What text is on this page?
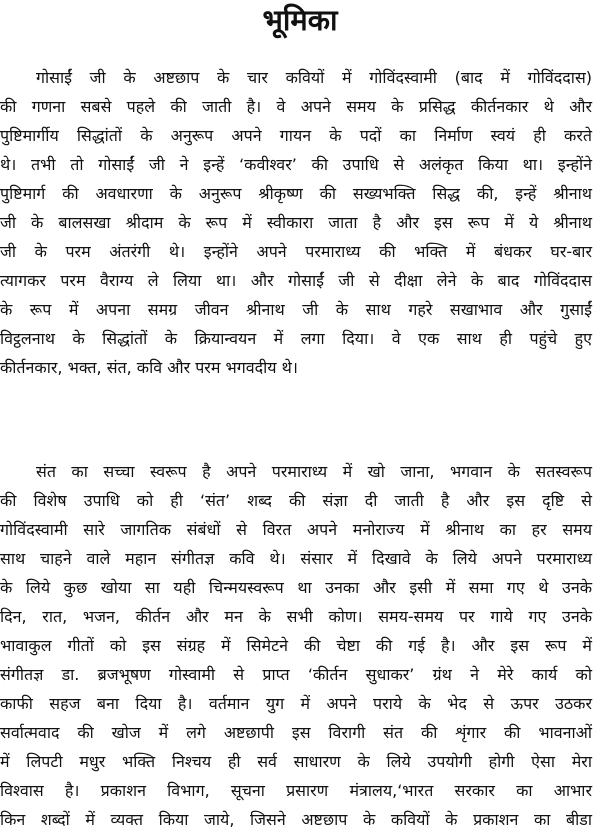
भूमिका
गोसाईं जी के अष्टछाप के चार कवियों में गोविंदस्वामी (बाद में गोविंददास)
की गणना सबसे पहले की जाती है। वे अपने समय के प्रसिद्ध कीर्तनकार थे और
पुष्टिमार्गीय सिद्धांतों के अनुरूप अपने गायन के पदों का निर्माण स्वयं ही करते
थे। तभी तो गोसाईं जी ने इन्हें ‘कवीश्वर’ की उपाधि से अलंकृत किया था। इन्होंने
पुष्टिमार्ग की अवधारणा के अनुरूप श्रीकृष्ण की सख्यभक्ति सिद्ध की, इन्हें श्रीनाथ
जी के बालसखा श्रीदाम के रूप में स्वीकारा जाता है और इस रूप में ये श्रीनाथ
जी के परम अंतरंगी थे। इन्होंने अपने परमाराध्य की भक्ति में बंधकर घर-बार
त्यागकर परम वैराग्य ले लिया था। और गोसाईं जी से दीक्षा लेने के बाद गोविंददास
के रूप में अपना समग्र जीवन श्रीनाथ जी के साथ गहरे सखाभाव और गुसाईं
विट्ठलनाथ के सिद्धांतों के क्रियान्वयन में लगा दिया। वे एक साथ ही पहुंचे हुए
कीर्तनकार, भक्त, संत, कवि और परम भगवदीय थे।
संत का सच्चा स्वरूप है अपने परमाराध्य में खो जाना, भगवान के सतस्वरूप
की विशेष उपाधि को ही ‘संत’ शब्द की संज्ञा दी जाती है और इस दृष्टि से
गोविंदस्वामी सारे जागतिक संबंधों से विरत अपने मनोराज्य में श्रीनाथ का हर समय
साथ चाहने वाले महान संगीतज्ञ कवि थे। संसार में दिखावे के लिये अपने परमाराध्य
के लिये कुछ खोया सा यही चिन्मयस्वरूप था उनका और इसी में समा गए थे उनके
दिन, रात, भजन, कीर्तन और मन के सभी कोण। समय-समय पर गाये गए उनके
भावाकुल गीतों को इस संग्रह में सिमेटने की चेष्टा की गई है। और इस रूप में
संगीतज्ञ डा. ब्रजभूषण गोस्वामी से प्राप्त ‘कीर्तन सुधाकर’ ग्रंथ ने मेरे कार्य को
काफी सहज बना दिया है। वर्तमान युग में अपने पराये के भेद से ऊपर उठकर
सर्वात्मवाद की खोज में लगे अष्टछापी इस विरागी संत की शृंगार की भावनाओं
में लिपटी मधुर भक्ति निश्चय ही सर्व साधारण के लिये उपयोगी होगी ऐसा मेरा
विश्वास है। प्रकाशन विभाग, सूचना प्रसारण मंत्रालय,‘भारत सरकार का आभार
किन शब्दों में व्यक्त किया जाये, जिसने अष्टछाप के कवियों के प्रकाशन का बीडा
